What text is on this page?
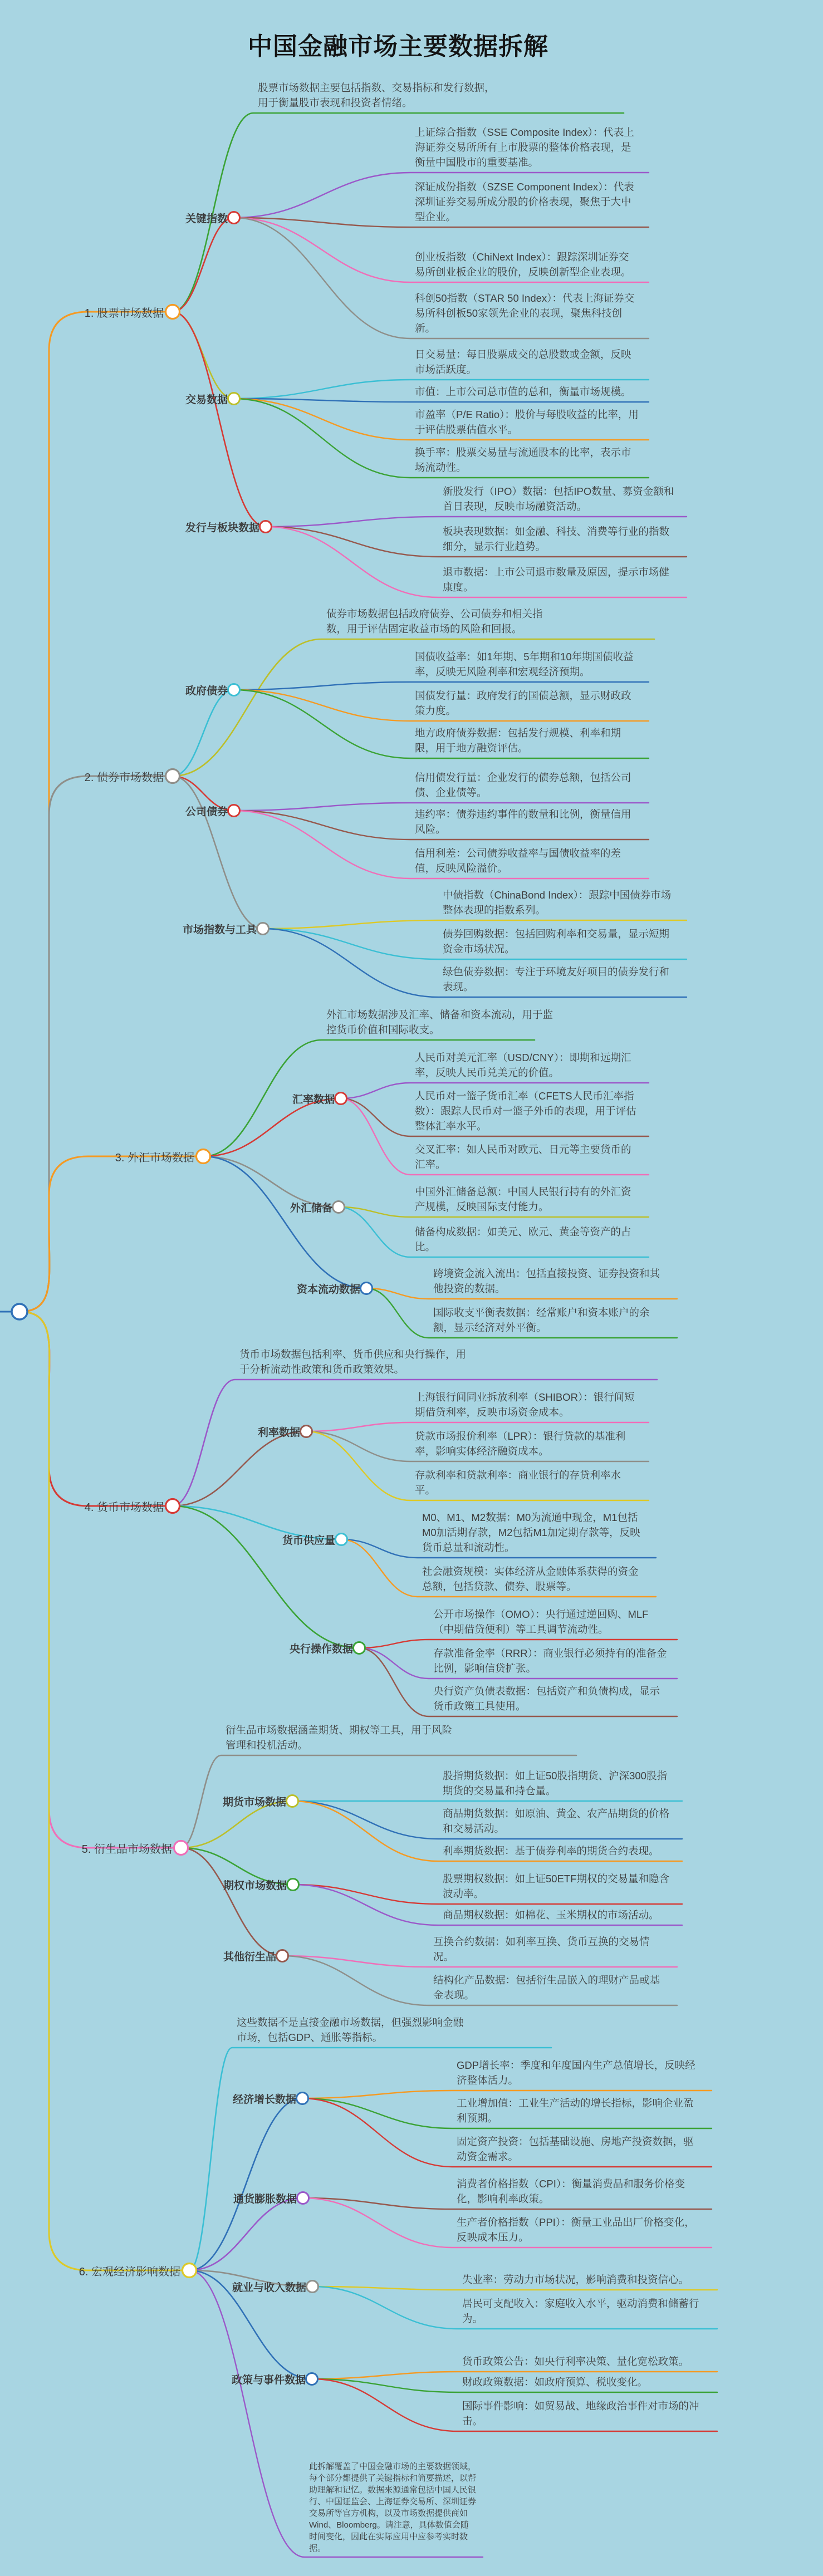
中国金融市场主要数据拆解
股票市场数据主要包括指数、交易指标和发行数据，用于衡量股市表现和投资者情绪。
上证综合指数（SSE Composite Index）：代表上海证券交易所所有上市股票的整体价格表现，是衡量中国股市的重要基准。
深证成份指数（SZSE Component Index）：代表深圳证券交易所成分股的价格表现，聚焦于大中型企业。
创业板指数（ChiNext Index）：跟踪深圳证券交易所创业板企业的股价，反映创新型企业表现。
科创50指数（STAR 50 Index）：代表上海证券交易所科创板50家领先企业的表现，聚焦科技创新。
日交易量：每日股票成交的总股数或金额，反映市场活跃度。
市值：上市公司总市值的总和，衡量市场规模。
市盈率（P/E Ratio）：股价与每股收益的比率，用于评估股票估值水平。
换手率：股票交易量与流通股本的比率，表示市场流动性。
新股发行（IPO）数据：包括IPO数量、募资金额和首日表现，反映市场融资活动。
板块表现数据：如金融、科技、消费等行业的指数细分，显示行业趋势。
退市数据：上市公司退市数量及原因，提示市场健康度。
债券市场数据包括政府债券、公司债券和相关指数，用于评估固定收益市场的风险和回报。
国债收益率：如1年期、5年期和10年期国债收益率，反映无风险利率和宏观经济预期。
国债发行量：政府发行的国债总额，显示财政政策力度。
地方政府债券数据：包括发行规模、利率和期限，用于地方融资评估。
信用债发行量：企业发行的债券总额，包括公司债、企业债等。
违约率：债券违约事件的数量和比例，衡量信用风险。
信用利差：公司债券收益率与国债收益率的差值，反映风险溢价。
中债指数（ChinaBond Index）：跟踪中国债券市场整体表现的指数系列。
债券回购数据：包括回购利率和交易量，显示短期资金市场状况。
绿色债券数据：专注于环境友好项目的债券发行和表现。
外汇市场数据涉及汇率、储备和资本流动，用于监控货币价值和国际收支。
人民币对美元汇率（USD/CNY）：即期和远期汇率，反映人民币兑美元的价值。
人民币对一篮子货币汇率（CFETS人民币汇率指数）：跟踪人民币对一篮子外币的表现，用于评估整体汇率水平。
交叉汇率：如人民币对欧元、日元等主要货币的汇率。
中国外汇储备总额：中国人民银行持有的外汇资产规模，反映国际支付能力。
储备构成数据：如美元、欧元、黄金等资产的占比。
跨境资金流入流出：包括直接投资、证券投资和其他投资的数据。
国际收支平衡表数据：经常账户和资本账户的余额，显示经济对外平衡。
货币市场数据包括利率、货币供应和央行操作，用于分析流动性政策和货币政策效果。
上海银行间同业拆放利率（SHIBOR）：银行间短期借贷利率，反映市场资金成本。
贷款市场报价利率（LPR）：银行贷款的基准利率，影响实体经济融资成本。
存款利率和贷款利率：商业银行的存贷利率水平。
M0、M1、M2数据：M0为流通中现金，M1包括M0加活期存款，M2包括M1加定期存款等，反映货币总量和流动性。
社会融资规模：实体经济从金融体系获得的资金总额，包括贷款、债券、股票等。
公开市场操作（OMO）：央行通过逆回购、MLF（中期借贷便利）等工具调节流动性。
存款准备金率（RRR）：商业银行必须持有的准备金比例，影响信贷扩张。
央行资产负债表数据：包括资产和负债构成，显示货币政策工具使用。
衍生品市场数据涵盖期货、期权等工具，用于风险管理和投机活动。
股指期货数据：如上证50股指期货、沪深300股指期货的交易量和持仓量。
商品期货数据：如原油、黄金、农产品期货的价格和交易活动。
利率期货数据：基于债券利率的期货合约表现。
股票期权数据：如上证50ETF期权的交易量和隐含波动率。
商品期权数据：如棉花、玉米期权的市场活动。
互换合约数据：如利率互换、货币互换的交易情况。
结构化产品数据：包括衍生品嵌入的理财产品或基金表现。
这些数据不是直接金融市场数据，但强烈影响金融市场，包括GDP、通胀等指标。
GDP增长率：季度和年度国内生产总值增长，反映经济整体活力。
工业增加值：工业生产活动的增长指标，影响企业盈利预期。
固定资产投资：包括基础设施、房地产投资数据，驱动资金需求。
消费者价格指数（CPI）：衡量消费品和服务价格变化，影响利率政策。
生产者价格指数（PPI）：衡量工业品出厂价格变化，反映成本压力。
失业率：劳动力市场状况，影响消费和投资信心。
居民可支配收入：家庭收入水平，驱动消费和储蓄行为。
货币政策公告：如央行利率决策、量化宽松政策。
财政政策数据：如政府预算、税收变化。
国际事件影响：如贸易战、地缘政治事件对市场的冲击。
此拆解覆盖了中国金融市场的主要数据领域，每个部分都提供了关键指标和简要描述，以帮助理解和记忆。数据来源通常包括中国人民银行、中国证监会、上海证券交易所、深圳证券交易所等官方机构，以及市场数据提供商如Wind、Bloomberg。请注意，具体数值会随时间变化，因此在实际应用中应参考实时数据。
关键指数
交易数据
发行与板块数据
1. 股票市场数据
政府债券
公司债券
市场指数与工具
2. 债券市场数据
汇率数据
外汇储备
资本流动数据
3. 外汇市场数据
利率数据
货币供应量
央行操作数据
4. 货币市场数据
期货市场数据
期权市场数据
其他衍生品
5. 衍生品市场数据
经济增长数据
通货膨胀数据
就业与收入数据
政策与事件数据
6. 宏观经济影响数据
